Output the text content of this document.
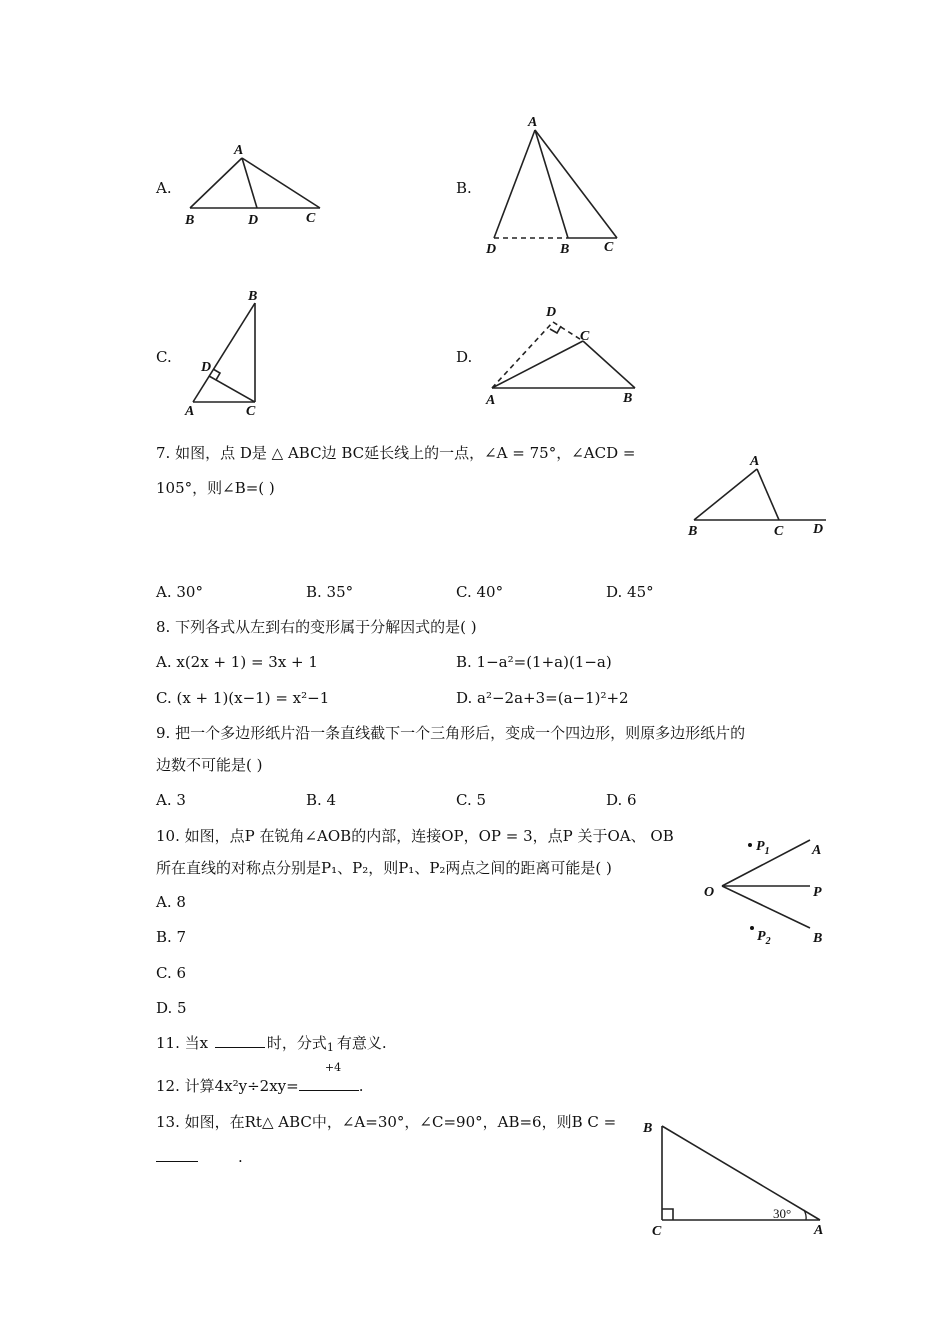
A.
A
B	D	C
B.
A
D	B C
C.
B
D
A	C
D.
D
C
A	B
7. 如图，点 D是 △ ABC边 BC延长线上的一点，∠A = 75°，∠ACD =
105°，则∠B=( )
A
B	C D
A. 30°	B. 35°	C. 40°	D. 45°
8. 下列各式从左到右的变形属于分解因式的是( )
A. x(2x + 1) = 3x + 1	B. 1−a²=(1+a)(1−a)
C. (x + 1)(x−1) = x²−1	D. a²−2a+3=(a−1)²+2
9. 把一个多边形纸片沿一条直线截下一个三角形后，变成一个四边形，则原多边形纸片的
边数不可能是( )
A. 3	B. 4	C. 5	D. 6
10. 如图，点P 在锐角∠AOB的内部，连接OP，OP = 3，点P 关于OA、 OB
所在直线的对称点分别是P₁、P₂，则P₁、P₂两点之间的距离可能是( )
A. 8
B. 7
C. 6
D. 5
$P_1$
$P_2$
A
O	P
B
11. 当x	时，分式 1
+4
有意义.
12. 计算4x²y÷2xy=	.
13. 如图，在Rt△ ABC中，∠A=30°，∠C=90°，AB=6，则B C =
.
B
C	A
30°
